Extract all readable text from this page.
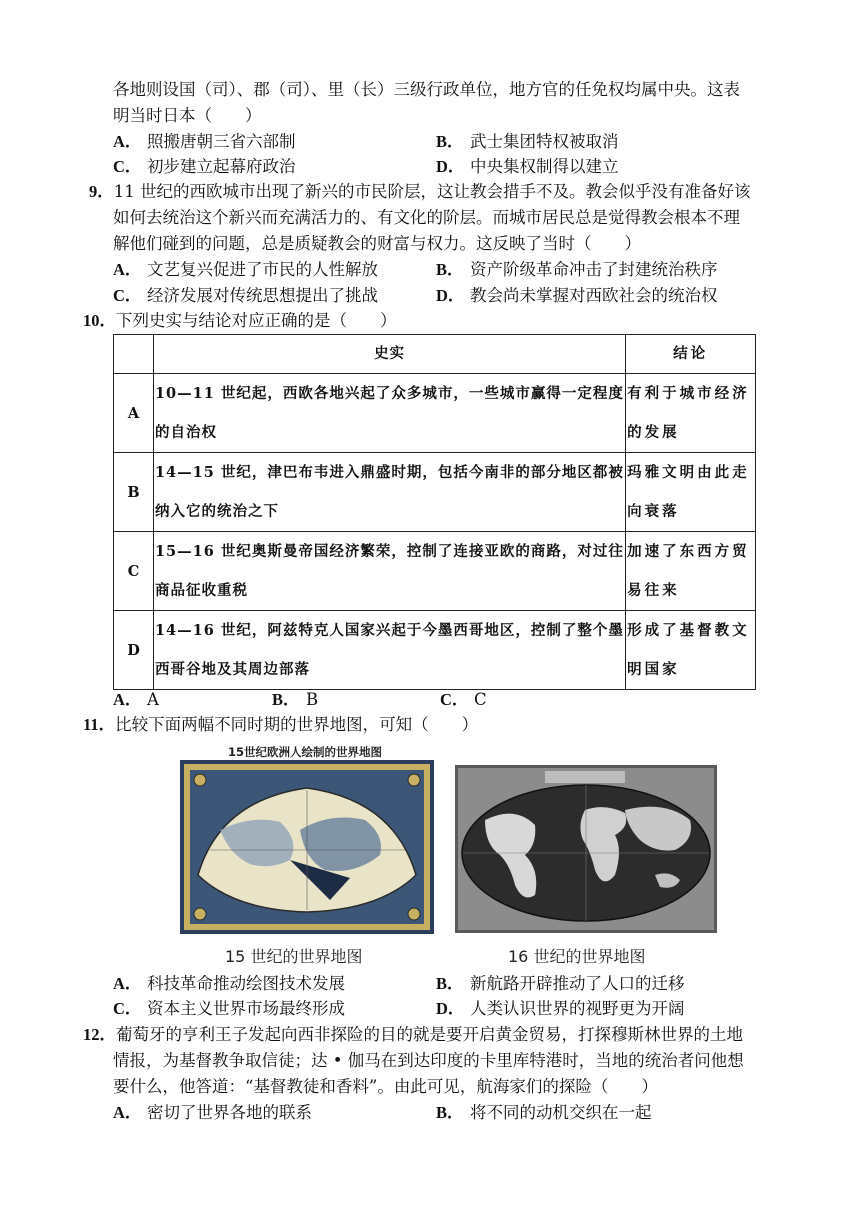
各地则设国（司）、郡（司）、里（长）三级行政单位，地方官的任免权均属中央。这表
明当时日本（　　）
A． 照搬唐朝三省六部制	B． 武士集团特权被取消
C． 初步建立起幕府政治	D． 中央集权制得以建立
9．11 世纪的西欧城市出现了新兴的市民阶层，这让教会措手不及。教会似乎没有准备好该
如何去统治这个新兴而充满活力的、有文化的阶层。而城市居民总是觉得教会根本不理
解他们碰到的问题，总是质疑教会的财富与权力。这反映了当时（　　）
A． 文艺复兴促进了市民的人性解放	B． 资产阶级革命冲击了封建统治秩序
C． 经济发展对传统思想提出了挑战	D． 教会尚未掌握对西欧社会的统治权
10．下列史实与结论对应正确的是（　　）
	史实	结论
A	10—11 世纪起，西欧各地兴起了众多城市，一些城市赢得一定程度的自治权	有利于城市经济的发展
B	14—15 世纪，津巴布韦进入鼎盛时期，包括今南非的部分地区都被纳入它的统治之下	玛雅文明由此走向衰落
C	15—16 世纪奥斯曼帝国经济繁荣，控制了连接亚欧的商路，对过往商品征收重税	加速了东西方贸易往来
D	14—16 世纪，阿兹特克人国家兴起于今墨西哥地区，控制了整个墨西哥谷地及其周边部落	形成了基督教文明国家
A． A	B． B	C． C
11．比较下面两幅不同时期的世界地图，可知（　　）
15世纪欧洲人绘制的世界地图
15 世纪的世界地图	16 世纪的世界地图
A． 科技革命推动绘图技术发展	B． 新航路开辟推动了人口的迁移
C． 资本主义世界市场最终形成	D． 人类认识世界的视野更为开阔
12．葡萄牙的亨利王子发起向西非探险的目的就是要开启黄金贸易，打探穆斯林世界的土地
情报，为基督教争取信徒；达 • 伽马在到达印度的卡里库特港时，当地的统治者问他想
要什么，他答道：“基督教徒和香料”。由此可见，航海家们的探险（　　）
A． 密切了世界各地的联系	B． 将不同的动机交织在一起
